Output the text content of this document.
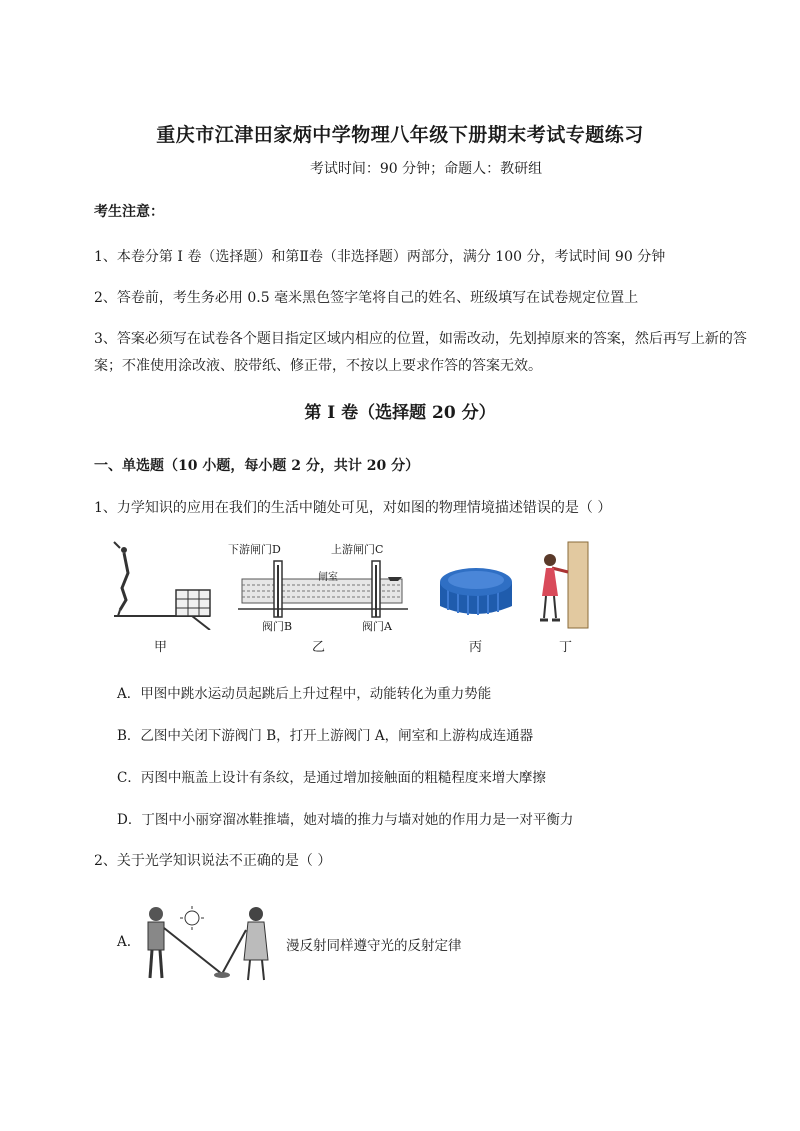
重庆市江津田家炳中学物理八年级下册期末考试专题练习
考试时间：90 分钟；命题人：教研组
考生注意：
1、本卷分第 I 卷（选择题）和第Ⅱ卷（非选择题）两部分，满分 100 分，考试时间 90 分钟
2、答卷前，考生务必用 0.5 毫米黑色签字笔将自己的姓名、班级填写在试卷规定位置上
3、答案必须写在试卷各个题目指定区域内相应的位置，如需改动，先划掉原来的答案，然后再写上新的答案；不准使用涂改液、胶带纸、修正带，不按以上要求作答的答案无效。
第 I 卷（选择题 20 分）
一、单选题（10 小题，每小题 2 分，共计 20 分）
1、力学知识的应用在我们的生活中随处可见，对如图的物理情境描述错误的是（ ）
甲
下游闸门D	上游闸门C
闸室
阀门B	阀门A
乙	丙	丁
A．甲图中跳水运动员起跳后上升过程中，动能转化为重力势能
B．乙图中关闭下游阀门 B，打开上游阀门 A，闸室和上游构成连通器
C．丙图中瓶盖上设计有条纹，是通过增加接触面的粗糙程度来增大摩擦
D．丁图中小丽穿溜冰鞋推墙，她对墙的推力与墙对她的作用力是一对平衡力
2、关于光学知识说法不正确的是（ ）
A.	漫反射同样遵守光的反射定律
